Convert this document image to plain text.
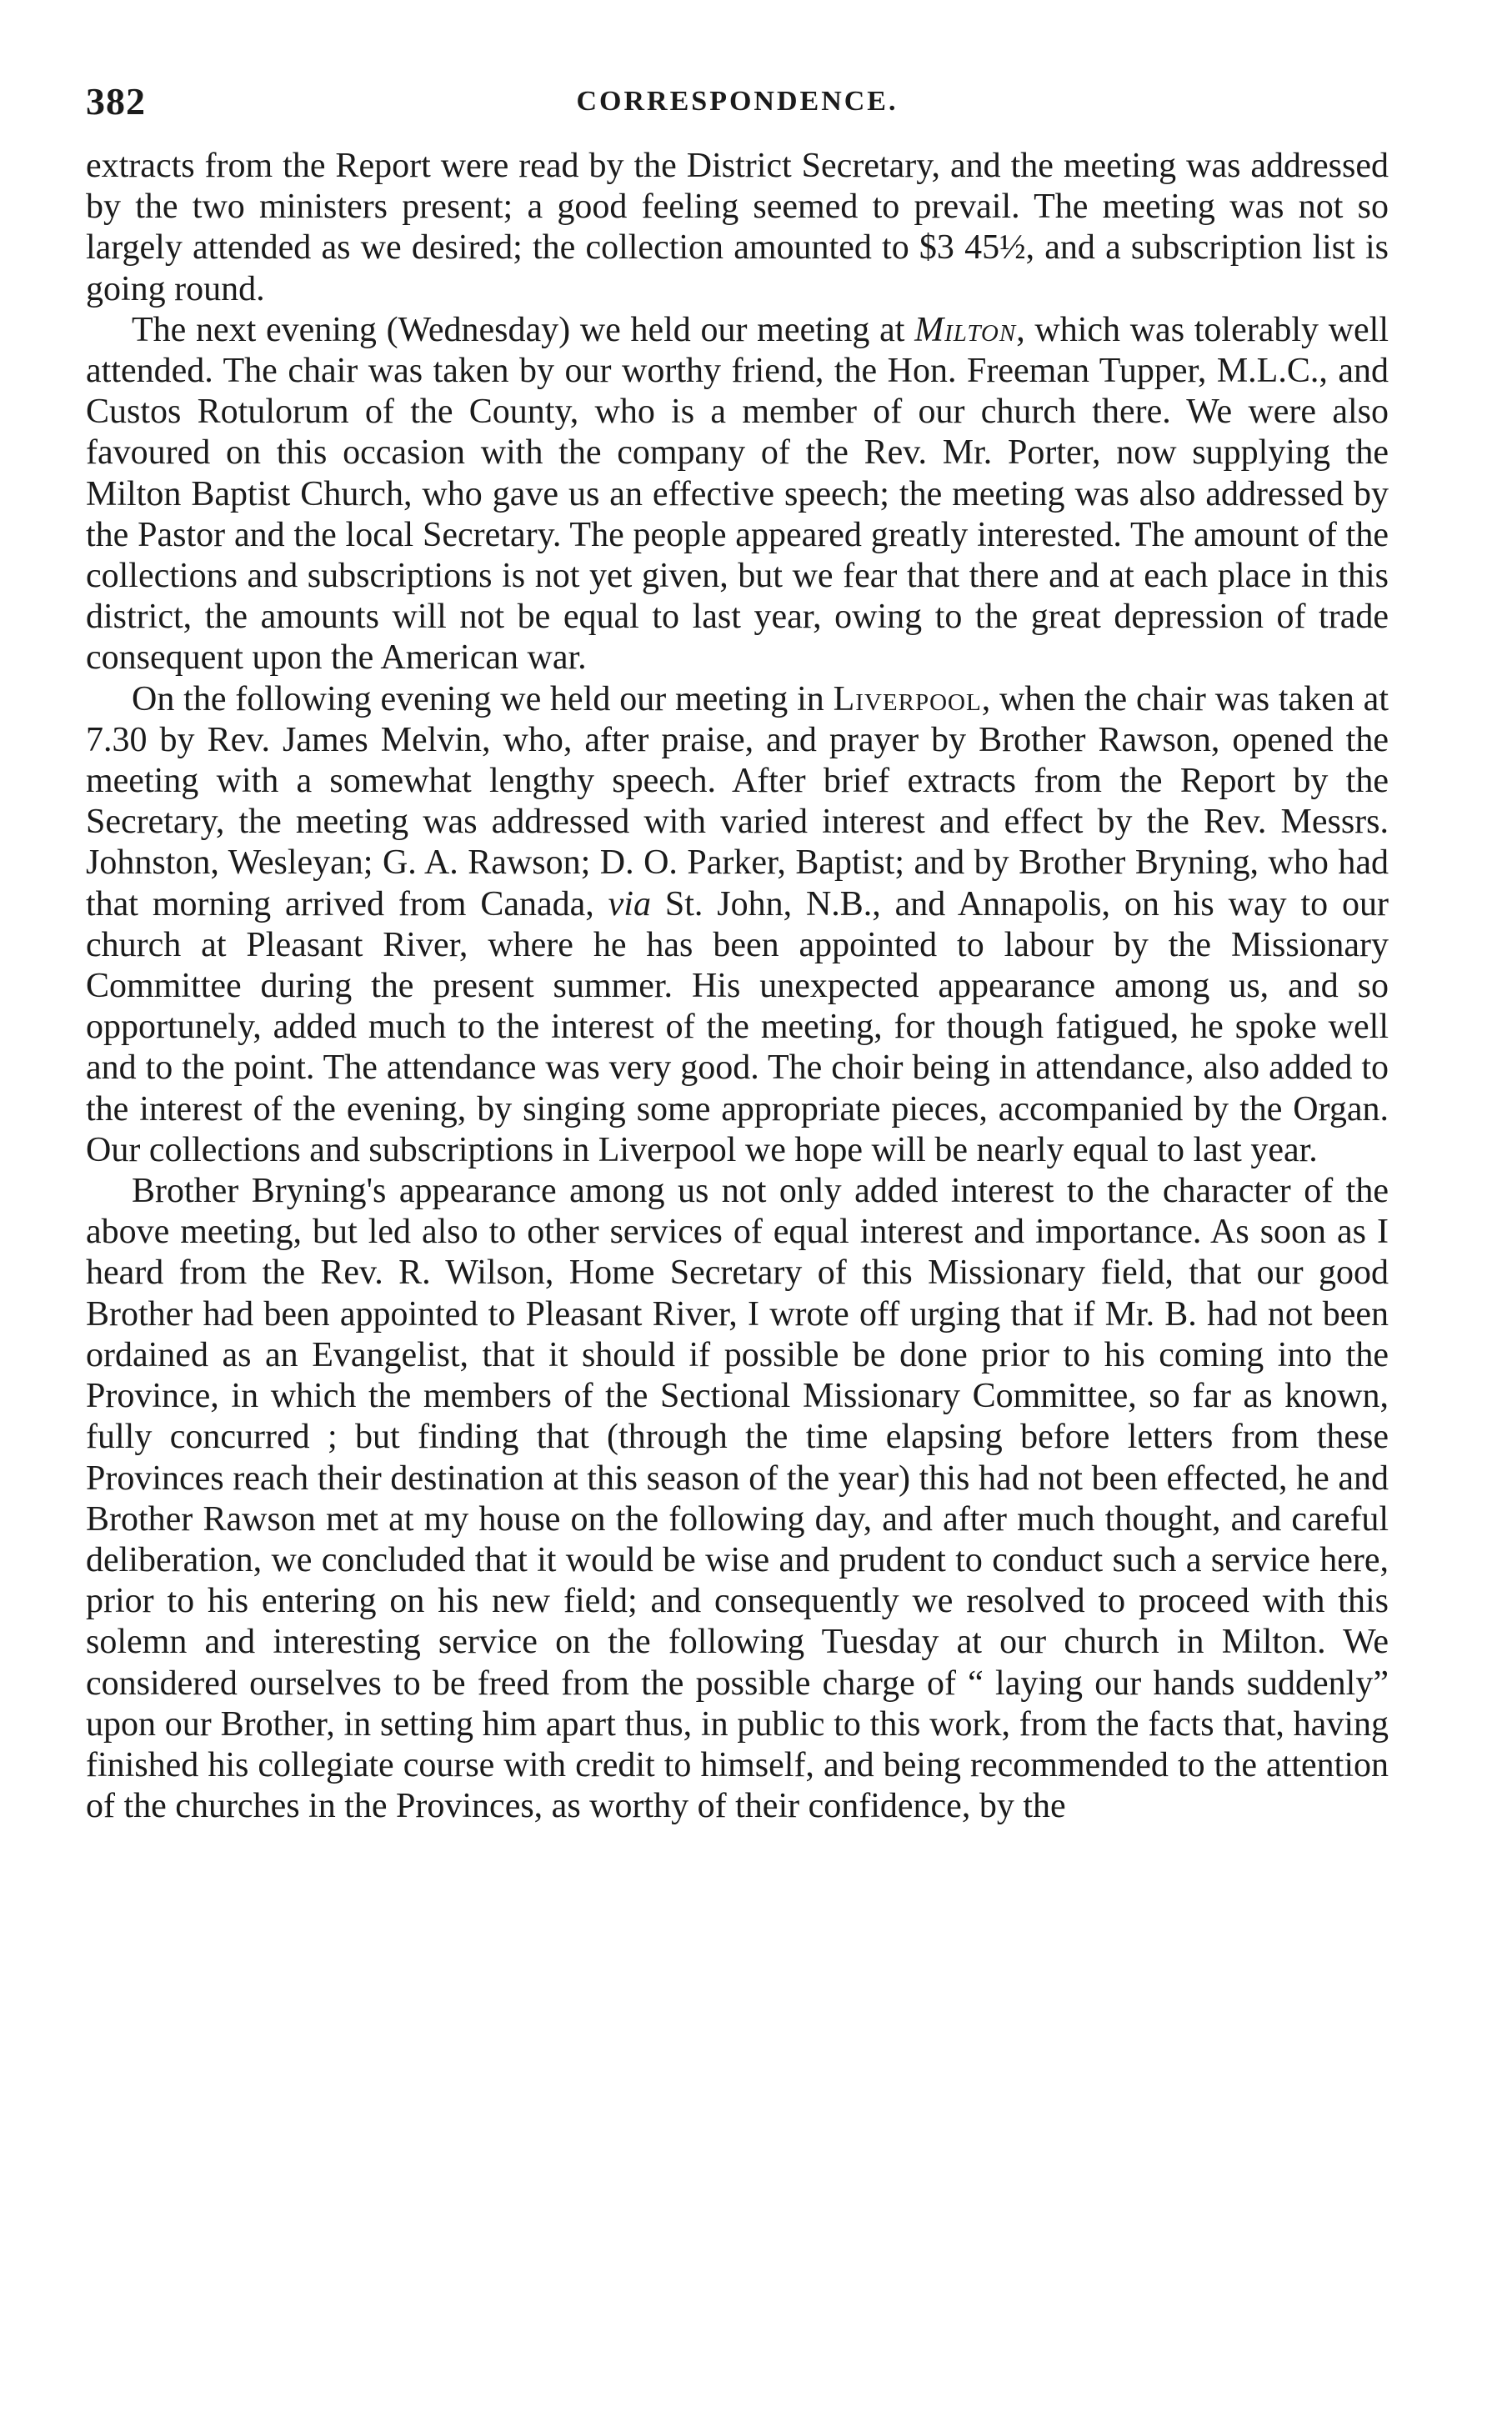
382	CORRESPONDENCE.

extracts from the Report were read by the District Secretary, and the meeting was addressed by the two ministers present; a good feeling seemed to prevail. The meeting was not so largely attended as we desired; the collection amounted to $3 45½, and a subscription list is going round.

The next evening (Wednesday) we held our meeting at Milton, which was tolerably well attended. The chair was taken by our worthy friend, the Hon. Freeman Tupper, M.L.C., and Custos Rotulorum of the County, who is a member of our church there. We were also favoured on this occasion with the company of the Rev. Mr. Porter, now supplying the Milton Baptist Church, who gave us an effective speech; the meeting was also addressed by the Pastor and the local Secretary. The people appeared greatly interested. The amount of the collections and subscriptions is not yet given, but we fear that there and at each place in this district, the amounts will not be equal to last year, owing to the great depression of trade consequent upon the American war.

On the following evening we held our meeting in Liverpool, when the chair was taken at 7.30 by Rev. James Melvin, who, after praise, and prayer by Brother Rawson, opened the meeting with a somewhat lengthy speech. After brief extracts from the Report by the Secretary, the meeting was addressed with varied interest and effect by the Rev. Messrs. Johnston, Wesleyan; G. A. Rawson; D. O. Parker, Baptist; and by Brother Bryning, who had that morning arrived from Canada, via St. John, N.B., and Annapolis, on his way to our church at Pleasant River, where he has been appointed to labour by the Missionary Committee during the present summer. His unexpected appearance among us, and so opportunely, added much to the interest of the meeting, for though fatigued, he spoke well and to the point. The attendance was very good. The choir being in attendance, also added to the interest of the evening, by singing some appropriate pieces, accompanied by the Organ. Our collections and subscriptions in Liverpool we hope will be nearly equal to last year.

Brother Bryning's appearance among us not only added interest to the character of the above meeting, but led also to other services of equal interest and importance. As soon as I heard from the Rev. R. Wilson, Home Secretary of this Missionary field, that our good Brother had been appointed to Pleasant River, I wrote off urging that if Mr. B. had not been ordained as an Evangelist, that it should if possible be done prior to his coming into the Province, in which the members of the Sectional Missionary Committee, so far as known, fully concurred ; but finding that (through the time elapsing before letters from these Provinces reach their destination at this season of the year) this had not been effected, he and Brother Rawson met at my house on the following day, and after much thought, and careful deliberation, we concluded that it would be wise and prudent to conduct such a service here, prior to his entering on his new field; and consequently we resolved to proceed with this solemn and interesting service on the following Tuesday at our church in Milton. We considered ourselves to be freed from the possible charge of “ laying our hands suddenly” upon our Brother, in setting him apart thus, in public to this work, from the facts that, having finished his collegiate course with credit to himself, and being recommended to the attention of the churches in the Provinces, as worthy of their confidence, by the
